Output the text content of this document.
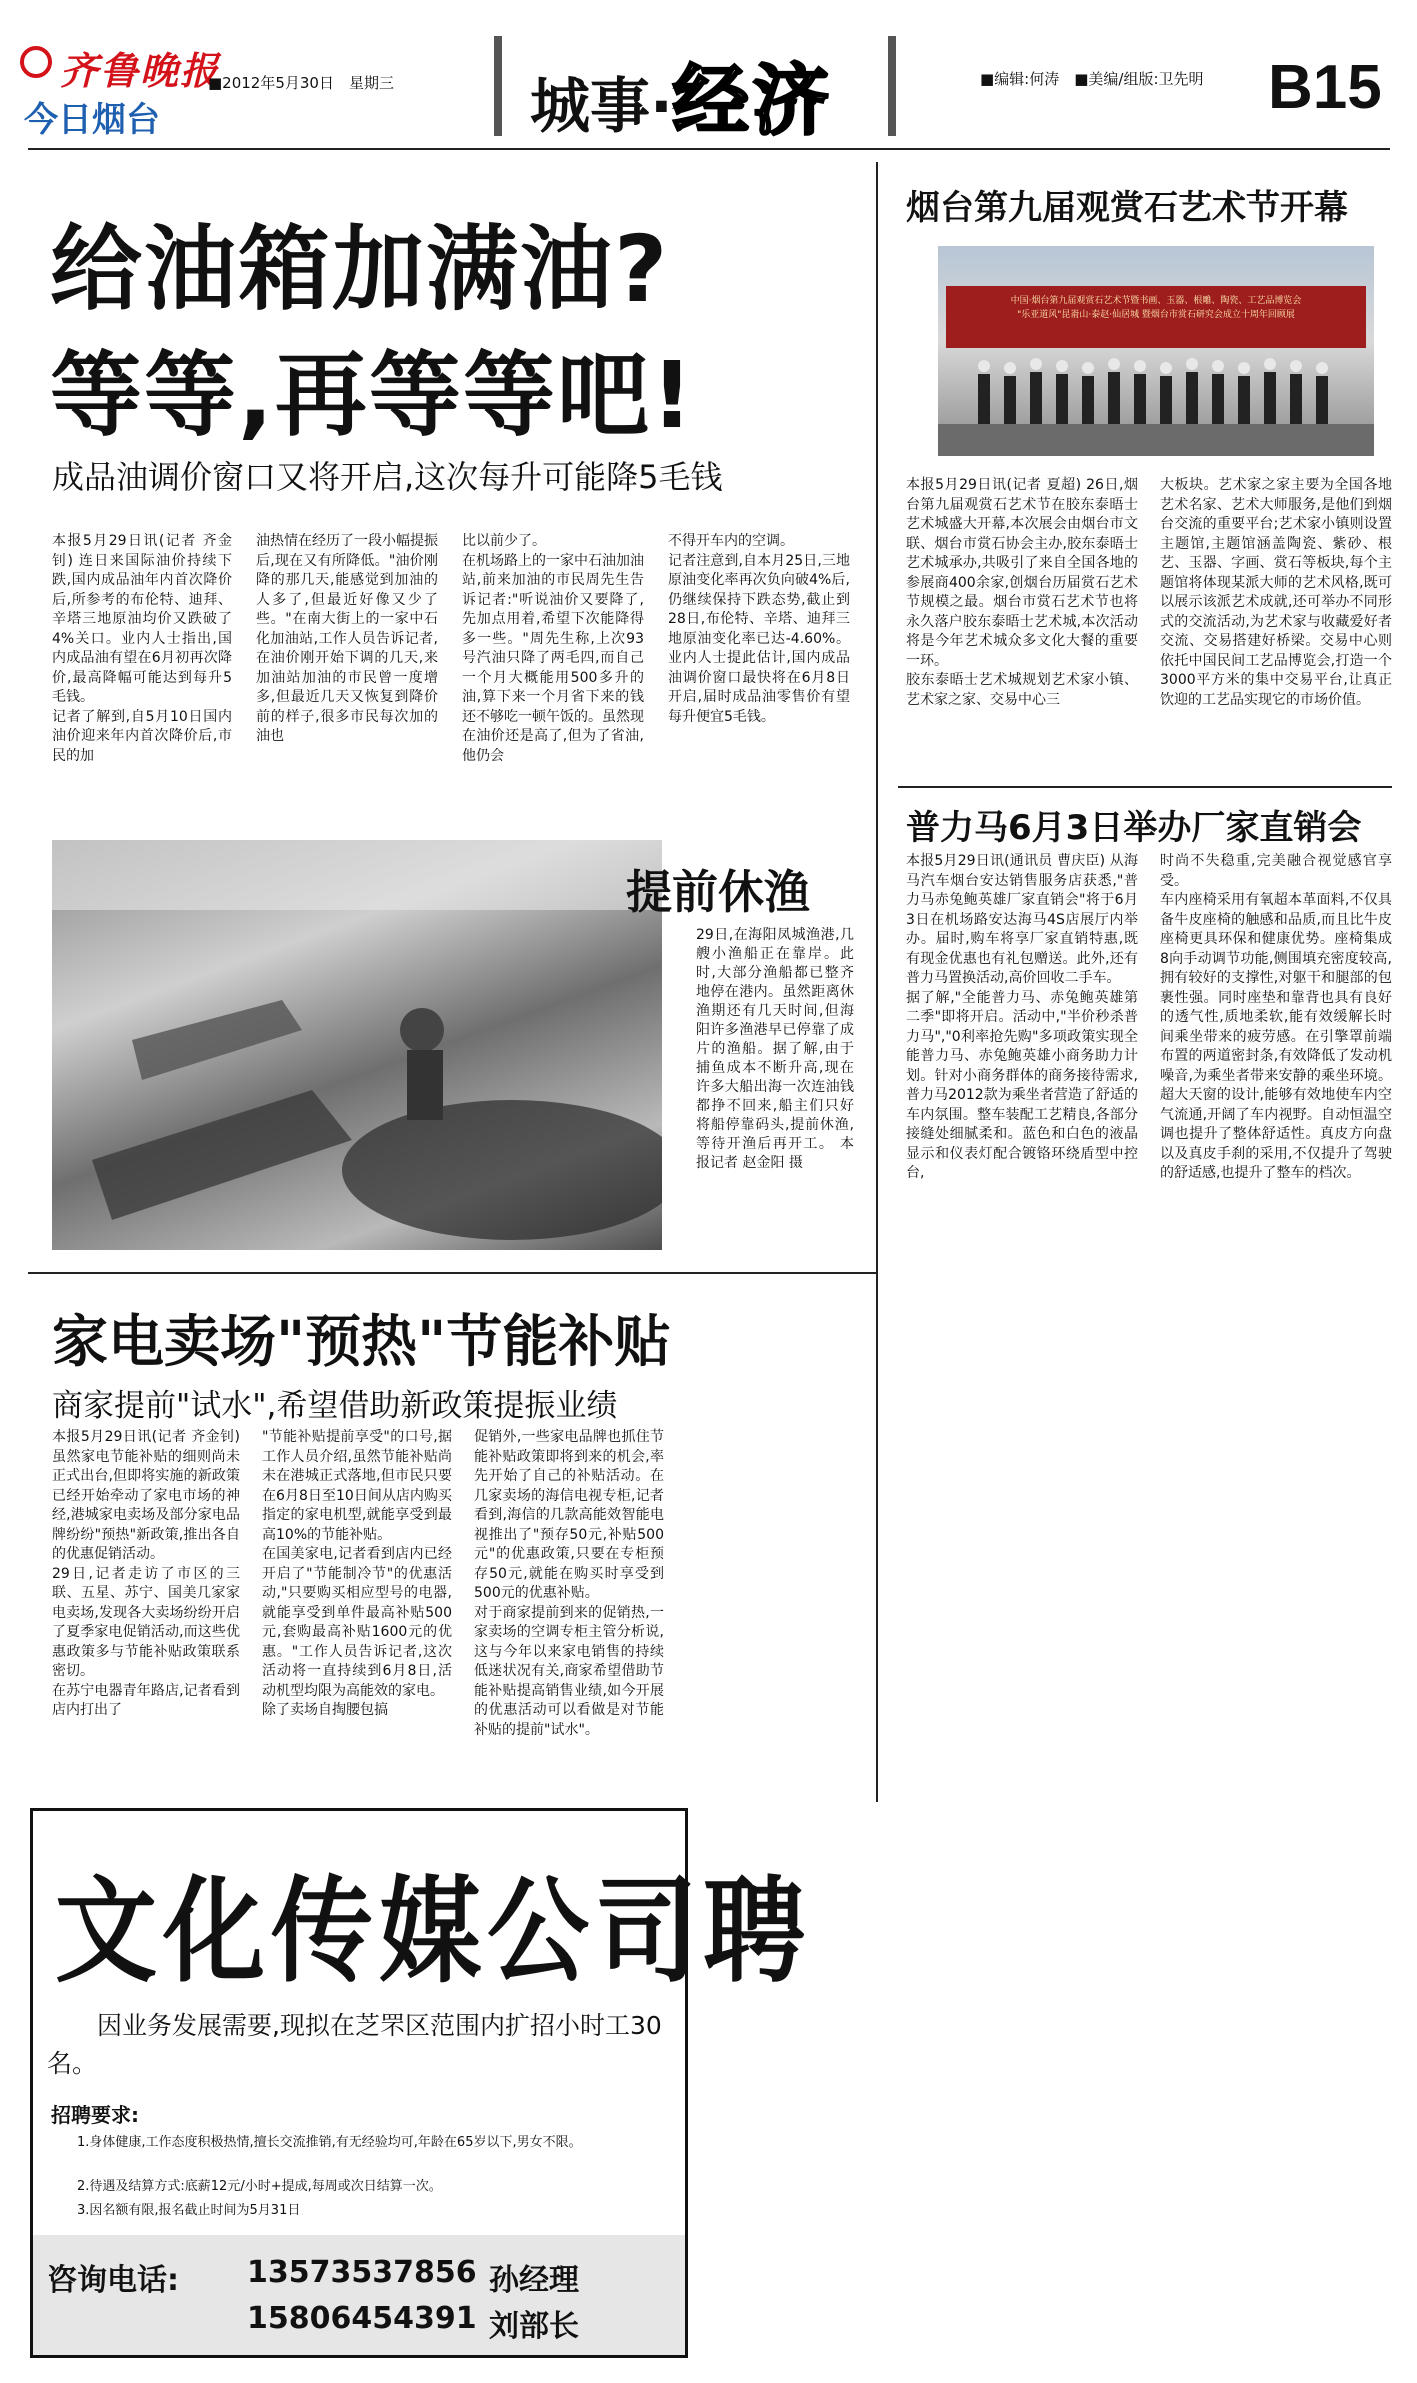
齐鲁晚报
今日烟台
■2012年5月30日　星期三 城事·经济	■编辑:何涛　■美编/组版:卫先明 B15
给油箱加满油?
等等,再等等吧!
成品油调价窗口又将开启,这次每升可能降5毛钱
本报5月29日讯(记者 齐金钊) 连日来国际油价持续下跌,国内成品油年内首次降价后,所参考的布伦特、迪拜、辛塔三地原油均价又跌破了4%关口。业内人士指出,国内成品油有望在6月初再次降价,最高降幅可能达到每升5毛钱。
记者了解到,自5月10日国内油价迎来年内首次降价后,市民的加
油热情在经历了一段小幅提振后,现在又有所降低。"油价刚降的那几天,能感觉到加油的人多了,但最近好像又少了些。"在南大街上的一家中石化加油站,工作人员告诉记者,在油价刚开始下调的几天,来加油站加油的市民曾一度增多,但最近几天又恢复到降价前的样子,很多市民每次加的油也
比以前少了。
在机场路上的一家中石油加油站,前来加油的市民周先生告诉记者:"听说油价又要降了,先加点用着,希望下次能降得多一些。"周先生称,上次93号汽油只降了两毛四,而自己一个月大概能用500多升的油,算下来一个月省下来的钱还不够吃一顿午饭的。虽然现在油价还是高了,但为了省油,他仍会
不得开车内的空调。
记者注意到,自本月25日,三地原油变化率再次负向破4%后,仍继续保持下跌态势,截止到28日,布伦特、辛塔、迪拜三地原油变化率已达-4.60%。业内人士提此估计,国内成品油调价窗口最快将在6月8日开启,届时成品油零售价有望每升便宜5毛钱。
提前休渔
29日,在海阳凤城渔港,几艘小渔船正在靠岸。此时,大部分渔船都已整齐地停在港内。虽然距离休渔期还有几天时间,但海阳许多渔港早已停靠了成片的渔船。据了解,由于捕鱼成本不断升高,现在许多大船出海一次连油钱都挣不回来,船主们只好将船停靠码头,提前休渔,等待开渔后再开工。 本报记者 赵金阳 摄
家电卖场"预热"节能补贴
商家提前"试水",希望借助新政策提振业绩
本报5月29日讯(记者 齐金钊) 虽然家电节能补贴的细则尚未正式出台,但即将实施的新政策已经开始牵动了家电市场的神经,港城家电卖场及部分家电品牌纷纷"预热"新政策,推出各自的优惠促销活动。
29日,记者走访了市区的三联、五星、苏宁、国美几家家电卖场,发现各大卖场纷纷开启了夏季家电促销活动,而这些优惠政策多与节能补贴政策联系密切。
在苏宁电器青年路店,记者看到店内打出了
"节能补贴提前享受"的口号,据工作人员介绍,虽然节能补贴尚未在港城正式落地,但市民只要在6月8日至10日间从店内购买指定的家电机型,就能享受到最高10%的节能补贴。
在国美家电,记者看到店内已经开启了"节能制冷节"的优惠活动,"只要购买相应型号的电器,就能享受到单件最高补贴500元,套购最高补贴1600元的优惠。"工作人员告诉记者,这次活动将一直持续到6月8日,活动机型均限为高能效的家电。
除了卖场自掏腰包搞
促销外,一些家电品牌也抓住节能补贴政策即将到来的机会,率先开始了自己的补贴活动。在几家卖场的海信电视专柜,记者看到,海信的几款高能效智能电视推出了"预存50元,补贴500元"的优惠政策,只要在专柜预存50元,就能在购买时享受到500元的优惠补贴。
对于商家提前到来的促销热,一家卖场的空调专柜主管分析说,这与今年以来家电销售的持续低迷状况有关,商家希望借助节能补贴提高销售业绩,如今开展的优惠活动可以看做是对节能补贴的提前"试水"。
烟台第九届观赏石艺术节开幕
中国·烟台第九届观赏石艺术节暨书画、玉器、根雕、陶瓷、工艺品博览会
"乐亚道风"昆嵛山·泰赵·仙居城 暨烟台市赏石研究会成立十周年回顾展
本报5月29日讯(记者 夏超) 26日,烟台第九届观赏石艺术节在胶东泰晤士艺术城盛大开幕,本次展会由烟台市文联、烟台市赏石协会主办,胶东泰晤士艺术城承办,共吸引了来自全国各地的参展商400余家,创烟台历届赏石艺术节规模之最。烟台市赏石艺术节也将永久落户胶东泰晤士艺术城,本次活动将是今年艺术城众多文化大餐的重要一环。
胶东泰晤士艺术城规划艺术家小镇、艺术家之家、交易中心三
大板块。艺术家之家主要为全国各地艺术名家、艺术大师服务,是他们到烟台交流的重要平台;艺术家小镇则设置主题馆,主题馆涵盖陶瓷、紫砂、根艺、玉器、字画、赏石等板块,每个主题馆将体现某派大师的艺术风格,既可以展示该派艺术成就,还可举办不同形式的交流活动,为艺术家与收藏爱好者交流、交易搭建好桥梁。交易中心则依托中国民间工艺品博览会,打造一个3000平方米的集中交易平台,让真正饮迎的工艺品实现它的市场价值。
普力马6月3日举办厂家直销会
本报5月29日讯(通讯员 曹庆臣) 从海马汽车烟台安达销售服务店获悉,"普力马赤兔鲍英雄厂家直销会"将于6月3日在机场路安达海马4S店展厅内举办。届时,购车将享厂家直销特惠,既有现金优惠也有礼包赠送。此外,还有普力马置换活动,高价回收二手车。
据了解,"全能普力马、赤兔鲍英雄第二季"即将开启。活动中,"半价秒杀普力马","0利率抢先购"多项政策实现全能普力马、赤兔鲍英雄小商务助力计划。针对小商务群体的商务接待需求,普力马2012款为乘坐者营造了舒适的车内氛围。整车装配工艺精良,各部分接缝处细腻柔和。蓝色和白色的液晶显示和仪表灯配合镀铬环绕盾型中控台,
时尚不失稳重,完美融合视觉感官享受。
车内座椅采用有氧超本革面料,不仅具备牛皮座椅的触感和品质,而且比牛皮座椅更具环保和健康优势。座椅集成8向手动调节功能,侧围填充密度较高,拥有较好的支撑性,对躯干和腿部的包裹性强。同时座垫和靠背也具有良好的透气性,质地柔软,能有效缓解长时间乘坐带来的疲劳感。在引擎罩前端布置的两道密封条,有效降低了发动机噪音,为乘坐者带来安静的乘坐环境。超大天窗的设计,能够有效地使车内空气流通,开阔了车内视野。自动恒温空调也提升了整体舒适性。真皮方向盘以及真皮手刹的采用,不仅提升了驾驶的舒适感,也提升了整车的档次。
文化传媒公司聘
因业务发展需要,现拟在芝罘区范围内扩招小时工30名。
招聘要求:
1.身体健康,工作态度积极热情,擅长交流推销,有无经验均可,年龄在65岁以下,男女不限。
2.待遇及结算方式:底薪12元/小时+提成,每周或次日结算一次。
3.因名额有限,报名截止时间为5月31日
咨询电话: 13573537856 孙经理
15806454391 刘部长
